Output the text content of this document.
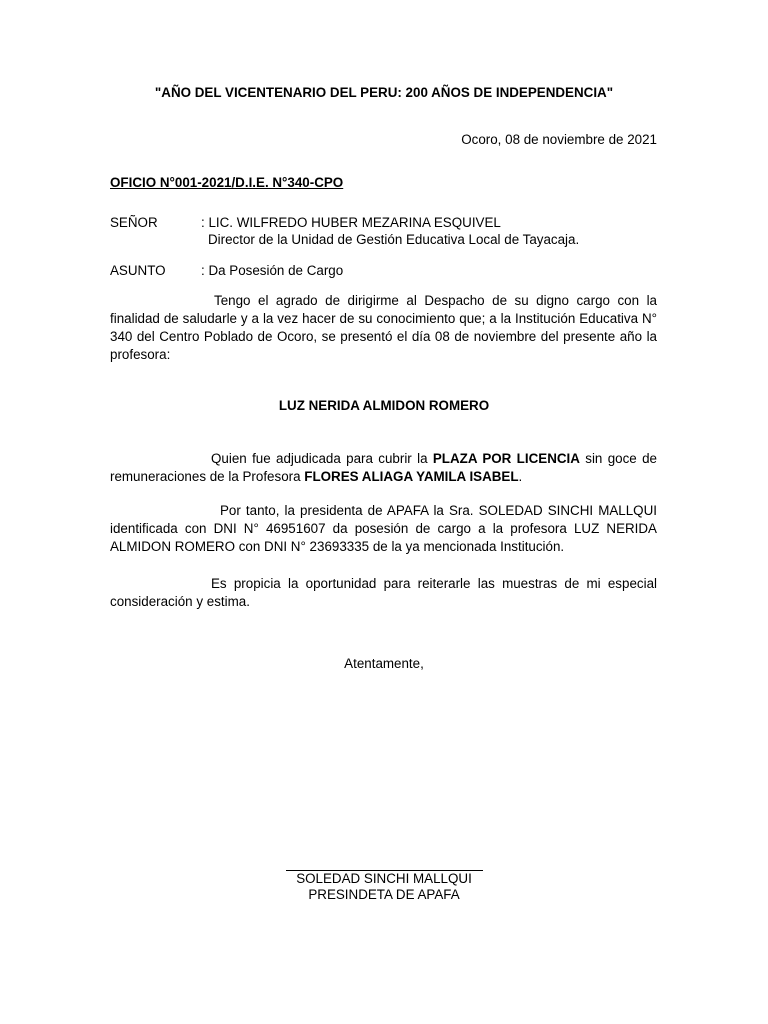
"AÑO DEL VICENTENARIO DEL PERU: 200 AÑOS DE INDEPENDENCIA"
Ocoro, 08 de noviembre de 2021
OFICIO N°001-2021/D.I.E. N°340-CPO
SEÑOR	: LIC. WILFREDO HUBER MEZARINA ESQUIVEL
Director de la Unidad de Gestión Educativa Local de Tayacaja.
ASUNTO	: Da Posesión de Cargo
Tengo el agrado de dirigirme al Despacho de su digno cargo con la finalidad de saludarle y a la vez hacer de su conocimiento que; a la Institución Educativa N° 340 del Centro Poblado de Ocoro, se presentó el día 08 de noviembre del presente año la profesora:
LUZ NERIDA ALMIDON ROMERO
Quien fue adjudicada para cubrir la PLAZA POR LICENCIA sin goce de remuneraciones de la Profesora FLORES ALIAGA YAMILA ISABEL.
Por tanto, la presidenta de APAFA la Sra. SOLEDAD SINCHI MALLQUI identificada con DNI N° 46951607 da posesión de cargo a la profesora LUZ NERIDA ALMIDON ROMERO con DNI N° 23693335 de la ya mencionada Institución.
Es propicia la oportunidad para reiterarle las muestras de mi especial consideración y estima.
Atentamente,
SOLEDAD SINCHI MALLQUI
PRESINDETA DE APAFA
